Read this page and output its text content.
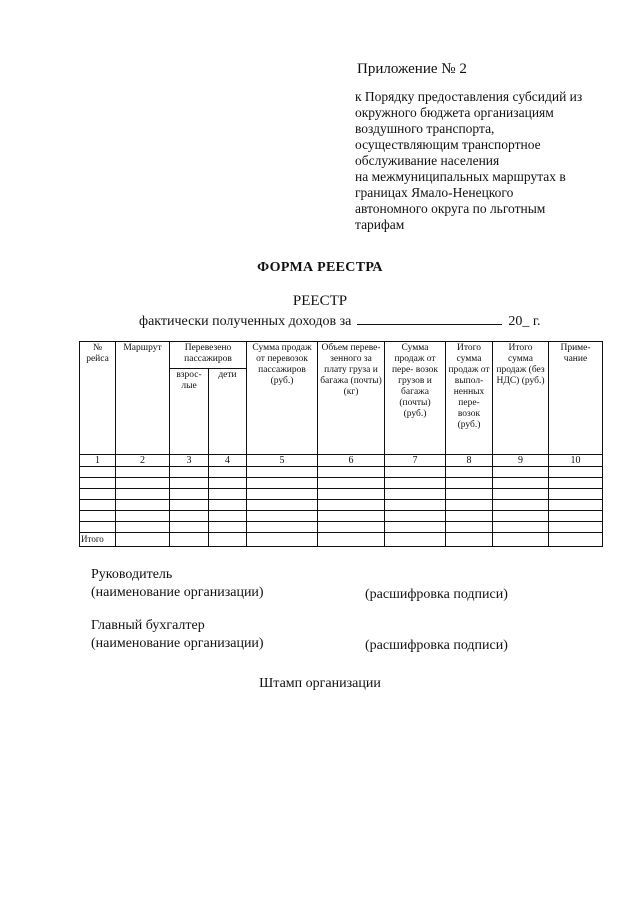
Приложение № 2
к Порядку предоставления субсидий из
окружного бюджета организациям
воздушного транспорта,
осуществляющим транспортное
обслуживание населения
на межмуниципальных маршрутах в
границах Ямало-Ненецкого
автономного округа по льготным
тарифам
ФОРМА РЕЕСТРА
РЕЕСТР
фактически полученных доходов за	20_ г.
№ рейса	Маршрут	Перевезено пассажиров		Сумма продаж от перевозок пассажиров (руб.)	Объем переве- зенного за плату груза и багажа (почты) (кг)	Сумма продаж от пере- возок грузов и багажа (почты) (руб.)	Итого сумма продаж от выпол- ненных пере- возок (руб.)	Итого сумма продаж (без НДС) (руб.)	Приме- чание
		взрос- лые	дети						
1	2	3	4	5	6	7	8	9	10

Итого									
Руководитель
(наименование организации)	(расшифровка подписи)
Главный бухгалтер
(наименование организации)	(расшифровка подписи)
Штамп организации
